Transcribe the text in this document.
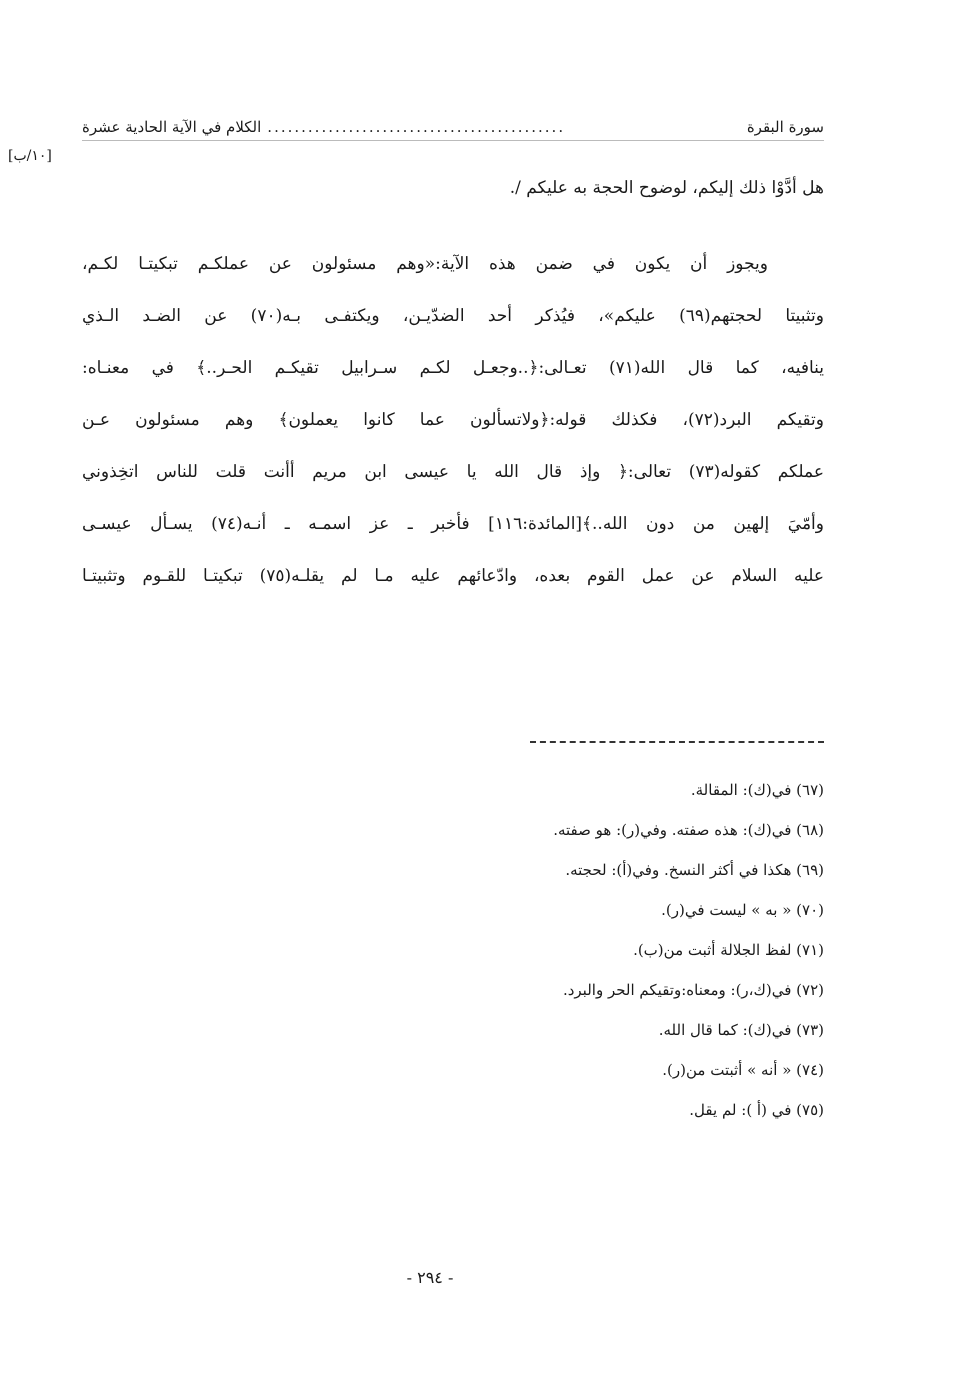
سورة البقرة
............................................
الكلام في الآية الحادية عشرة
[١٠/ب]
هل أدَّوْا ذلك إليكم، لوضوح الحجة به عليكم /.
ويجوز أن يكون في ضمن هذه الآية:«وهم مسئولون عن عملكـم تبكيتـا لكـم،
وتثبيتا لحجتهم(٦٩) عليكم»، فيُذكر أحد الضدّيـن، ويكتفـى بـه(٧٠) عن الضـد الـذي
ينافيه، كما قال الله(٧١) تعـالى:﴿..وجعـل لكـم سـرابيل تقيكـم الحـر..﴾ في معنـاه:
وتقيكم البرد(٧٢)، فكذلك قوله:﴿ولاتسألون عما كانوا يعملون﴾ وهم مسئولون عـن
عملكم كقوله(٧٣) تعالى:﴿ وإذ قال الله يا عيسى ابن مريم أأنت قلت للناس اتخِذوني
وأمّيَ إلهين من دون الله..﴾[المائدة:١١٦] فأخبر ـ عز اسمـه ـ أنـه(٧٤) يسـأل عيسـى
عليه السلام عن عمل القوم بعده، وادّعائهم عليه مـا لم يقلـه(٧٥) تبكيتـا للقـوم وتثبيتـا
(٦٧) في(ك): المقالة.
(٦٨) في(ك): هذه صفته. وفي(ر): هو صفته.
(٦٩) هكذا في أكثر النسخ. وفي(أ): لحجته.
(٧٠) « به » ليست في(ر).
(٧١) لفظ الجلالة أثبت من(ب).
(٧٢) في(ك،ر): ومعناه:وتقيكم الحر والبرد.
(٧٣) في(ك): كما قال الله.
(٧٤) « أنه » أثبتت من(ر).
(٧٥) في (أ ): لم يقل.
- ٢٩٤ -
